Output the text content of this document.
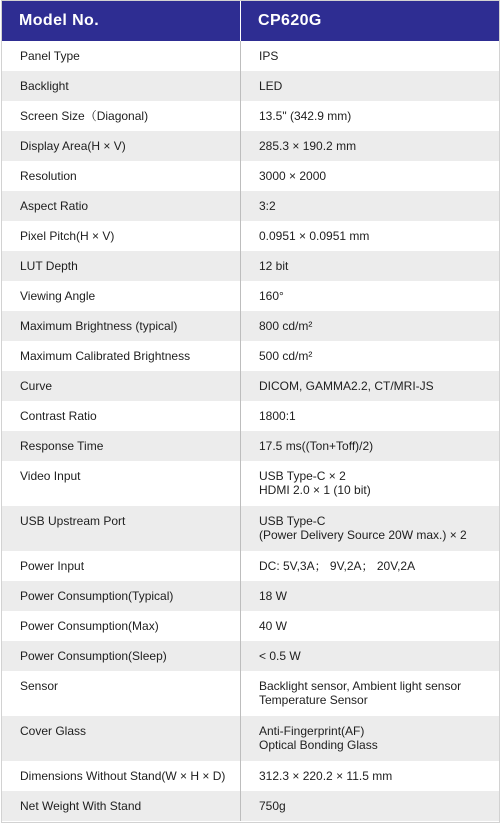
Model No.	CP620G
Panel Type	IPS
Backlight	LED
Screen Size（Diagonal)	13.5" (342.9 mm)
Display Area(H × V)	285.3 × 190.2 mm
Resolution	3000 × 2000
Aspect Ratio	3:2
Pixel Pitch(H × V)	0.0951 × 0.0951 mm
LUT Depth	12 bit
Viewing Angle	160°
Maximum Brightness (typical)	800 cd/m²
Maximum Calibrated Brightness	500 cd/m²
Curve	DICOM, GAMMA2.2, CT/MRI-JS
Contrast Ratio	1800:1
Response Time	17.5 ms((Ton+Toff)/2)
Video Input	USB Type-C × 2
HDMI 2.0 × 1 (10 bit)
USB Upstream Port	USB Type-C
(Power Delivery Source 20W max.) × 2
Power Input	DC: 5V,3A； 9V,2A； 20V,2A
Power Consumption(Typical)	18 W
Power Consumption(Max)	40 W
Power Consumption(Sleep)	< 0.5 W
Sensor	Backlight sensor, Ambient light sensor
Temperature Sensor
Cover Glass	Anti-Fingerprint(AF)
Optical Bonding Glass
Dimensions Without Stand(W × H × D)	312.3 × 220.2 × 11.5 mm
Net Weight With Stand	750g
